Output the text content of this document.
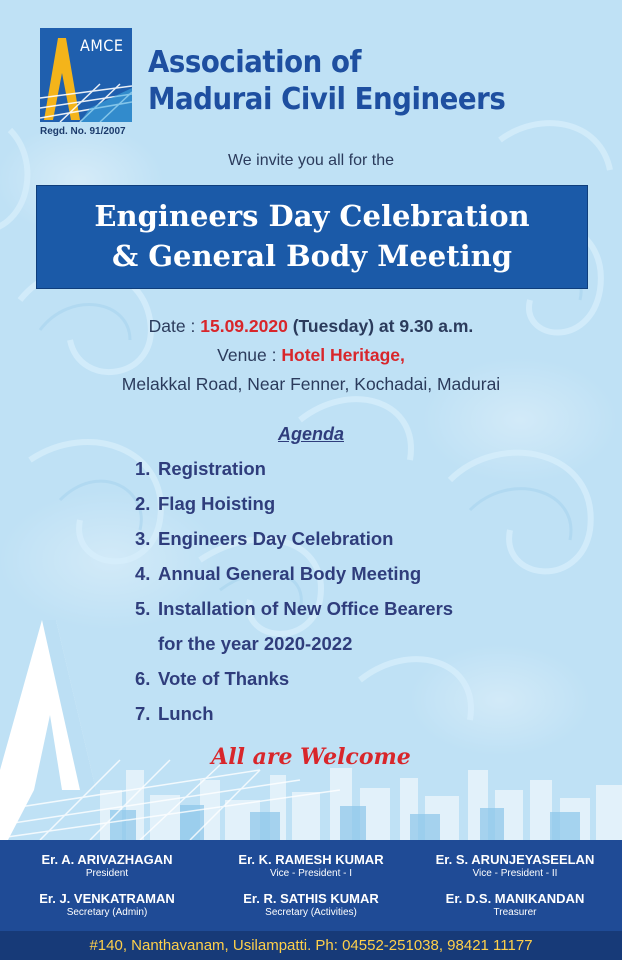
AMCE
Regd. No. 91/2007
Association of
Madurai Civil Engineers
We invite you all for the
Engineers Day Celebration
& General Body Meeting
Date : 15.09.2020 (Tuesday) at 9.30 a.m.
Venue : Hotel Heritage,
Melakkal Road, Near Fenner, Kochadai, Madurai
Agenda
1. Registration
2. Flag Hoisting
3. Engineers Day Celebration
4. Annual General Body Meeting
5. Installation of New Office Bearers
for the year 2020-2022
6. Vote of Thanks
7. Lunch
All are Welcome
Er. A. ARIVAZHAGAN
President
Er. K. RAMESH KUMAR
Vice - President - I
Er. S. ARUNJEYASEELAN
Vice - President - II
Er. J. VENKATRAMAN
Secretary (Admin)
Er. R. SATHIS KUMAR
Secretary (Activities)
Er. D.S. MANIKANDAN
Treasurer
#140, Nanthavanam, Usilampatti. Ph: 04552-251038, 98421 11177
